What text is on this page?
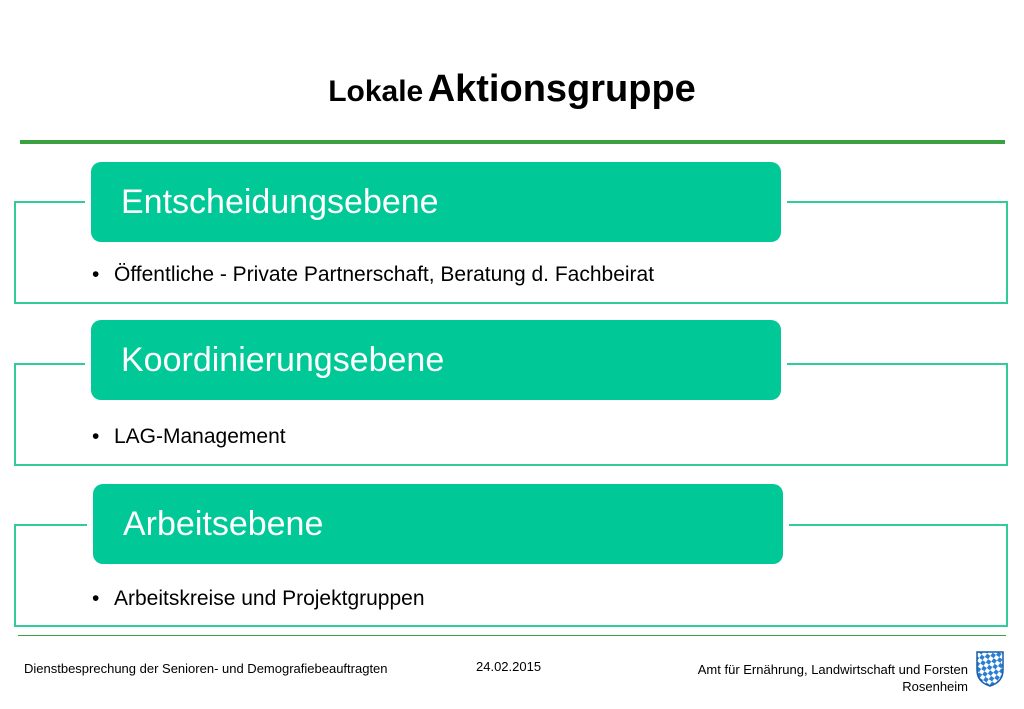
Lokale Aktionsgruppe
Entscheidungsebene
• Öffentliche - Private Partnerschaft, Beratung d. Fachbeirat
Koordinierungsebene
• LAG-Management
Arbeitsebene
• Arbeitskreise und Projektgruppen
Dienstbesprechung der Senioren- und Demografiebeauftragten	24.02.2015	Amt für Ernährung, Landwirtschaft und Forsten
Rosenheim
